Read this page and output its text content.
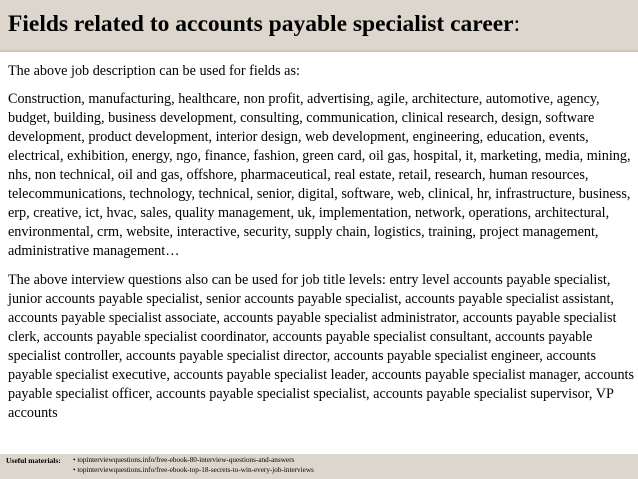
Fields related to accounts payable specialist career:

The above job description can be used for fields as:

Construction, manufacturing, healthcare, non profit, advertising, agile, architecture, automotive, agency, budget, building, business development, consulting, communication, clinical research, design, software development, product development, interior design, web development, engineering, education, events, electrical, exhibition, energy, ngo, finance, fashion, green card, oil gas, hospital, it, marketing, media, mining, nhs, non technical, oil and gas, offshore, pharmaceutical, real estate, retail, research, human resources, telecommunications, technology, technical, senior, digital, software, web, clinical, hr, infrastructure, business, erp, creative, ict, hvac, sales, quality management, uk, implementation, network, operations, architectural, environmental, crm, website, interactive, security, supply chain, logistics, training, project management, administrative management…

The above interview questions also can be used for job title levels: entry level accounts payable specialist, junior accounts payable specialist, senior accounts payable specialist, accounts payable specialist assistant, accounts payable specialist associate, accounts payable specialist administrator, accounts payable specialist clerk, accounts payable specialist coordinator, accounts payable specialist consultant, accounts payable specialist controller, accounts payable specialist director, accounts payable specialist engineer, accounts payable specialist executive, accounts payable specialist leader, accounts payable specialist manager, accounts payable specialist officer, accounts payable specialist specialist, accounts payable specialist supervisor, VP accounts

Useful materials: • topinterviewquestions.info/free-ebook-80-interview-questions-and-answers
• topinterviewquestions.info/free-ebook-top-18-secrets-to-win-every-job-interviews
